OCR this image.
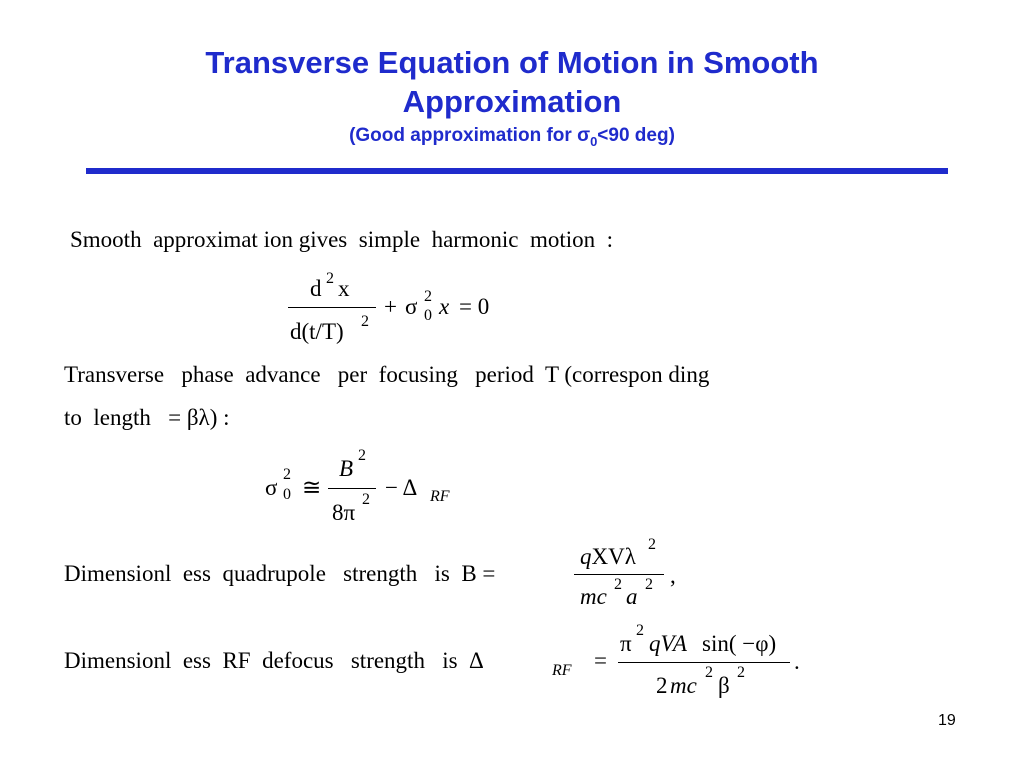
Transverse Equation of Motion in Smooth
Approximation
(Good approximation for $\sigma_0<90$ deg)
Smooth  approximat ion gives  simple  harmonic  motion  :
d 2 x
d(t/T) 2
+ σ 2
0 x = 0
Transverse   phase  advance   per  focusing   period  T (correspon ding
to  length   = βλ) :
σ
2
0 ≅
B
2
8π
2 − Δ RF
Dimensionl  ess  quadrupole   strength   is  B =
qXVλ 2
mc 2 a 2 ,
Dimensionl  ess  RF  defocus   strength   is  Δ	RF =
π
2
qVA sin( −φ)
2 mc
2
β
2 .
19
